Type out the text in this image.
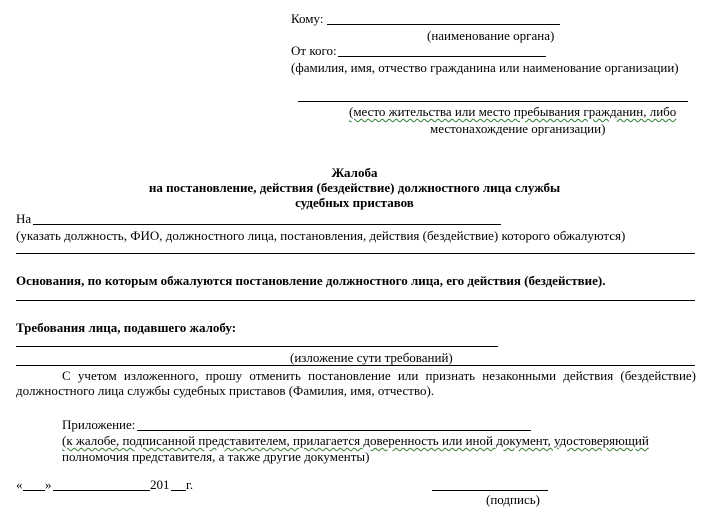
Кому:
(наименование органа)
От кого:
(фамилия, имя, отчество гражданина или наименование организации)
(место жительства или место пребывания гражданин, либо
местонахождение организации)
Жалоба
на постановление, действия (бездействие) должностного лица службы
судебных приставов
На
(указать должность, ФИО, должностного лица, постановления, действия (бездействие) которого обжалуются)
Основания, по которым обжалуются постановление должностного лица, его действия (бездействие).
Требования лица, подавшего жалобу:
(изложение сути требований)
С учетом изложенного, прошу отменить постановление или признать незаконными действия (бездействие) должностного лица службы судебных приставов (Фамилия, имя, отчество).
Приложение:
(к жалобе, подписанной представителем, прилагается доверенность или иной документ, удостоверяющий
полномочия представителя, а также другие документы)
« »	201 г.
(подпись)
